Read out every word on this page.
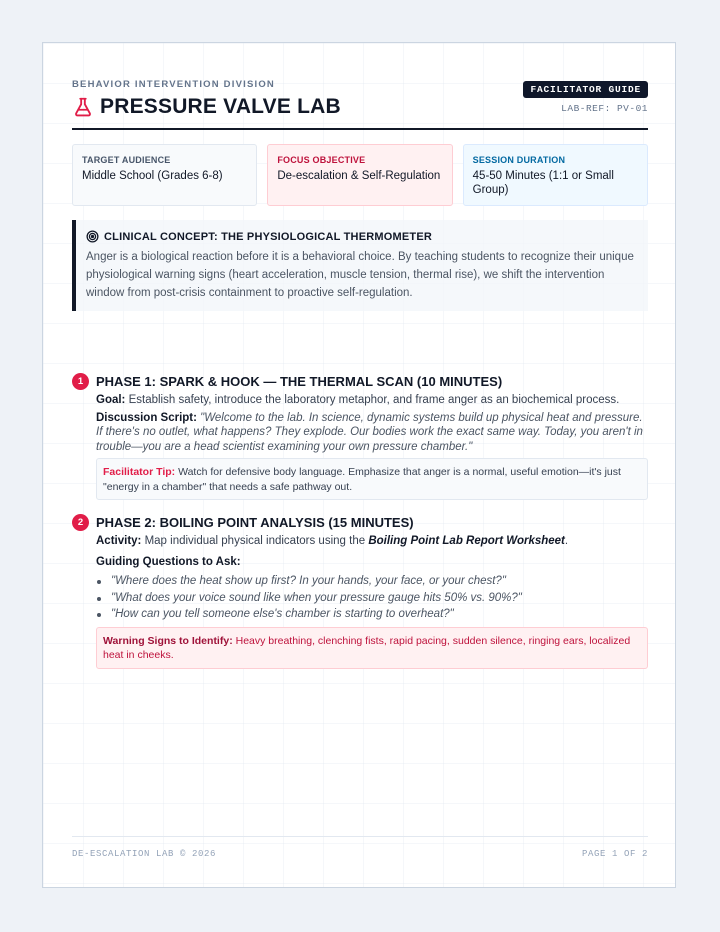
BEHAVIOR INTERVENTION DIVISION
PRESSURE VALVE LAB
FACILITATOR GUIDE
LAB-REF: PV-01
TARGET AUDIENCE
Middle School (Grades 6-8)
FOCUS OBJECTIVE
De-escalation & Self-Regulation
SESSION DURATION
45-50 Minutes (1:1 or Small Group)
CLINICAL CONCEPT: THE PHYSIOLOGICAL THERMOMETER
Anger is a biological reaction before it is a behavioral choice. By teaching students to recognize their unique physiological warning signs (heart acceleration, muscle tension, thermal rise), we shift the intervention window from post-crisis containment to proactive self-regulation.
1 PHASE 1: SPARK & HOOK — THE THERMAL SCAN (10 MINUTES)
Goal: Establish safety, introduce the laboratory metaphor, and frame anger as an biochemical process.
Discussion Script: "Welcome to the lab. In science, dynamic systems build up physical heat and pressure. If there's no outlet, what happens? They explode. Our bodies work the exact same way. Today, you aren't in trouble—you are a head scientist examining your own pressure chamber."
Facilitator Tip: Watch for defensive body language. Emphasize that anger is a normal, useful emotion—it's just "energy in a chamber" that needs a safe pathway out.
2 PHASE 2: BOILING POINT ANALYSIS (15 MINUTES)
Activity: Map individual physical indicators using the Boiling Point Lab Report Worksheet.
Guiding Questions to Ask:
"Where does the heat show up first? In your hands, your face, or your chest?"
"What does your voice sound like when your pressure gauge hits 50% vs. 90%?"
"How can you tell someone else's chamber is starting to overheat?"
Warning Signs to Identify: Heavy breathing, clenching fists, rapid pacing, sudden silence, ringing ears, localized heat in cheeks.
DE-ESCALATION LAB © 2026	PAGE 1 OF 2
